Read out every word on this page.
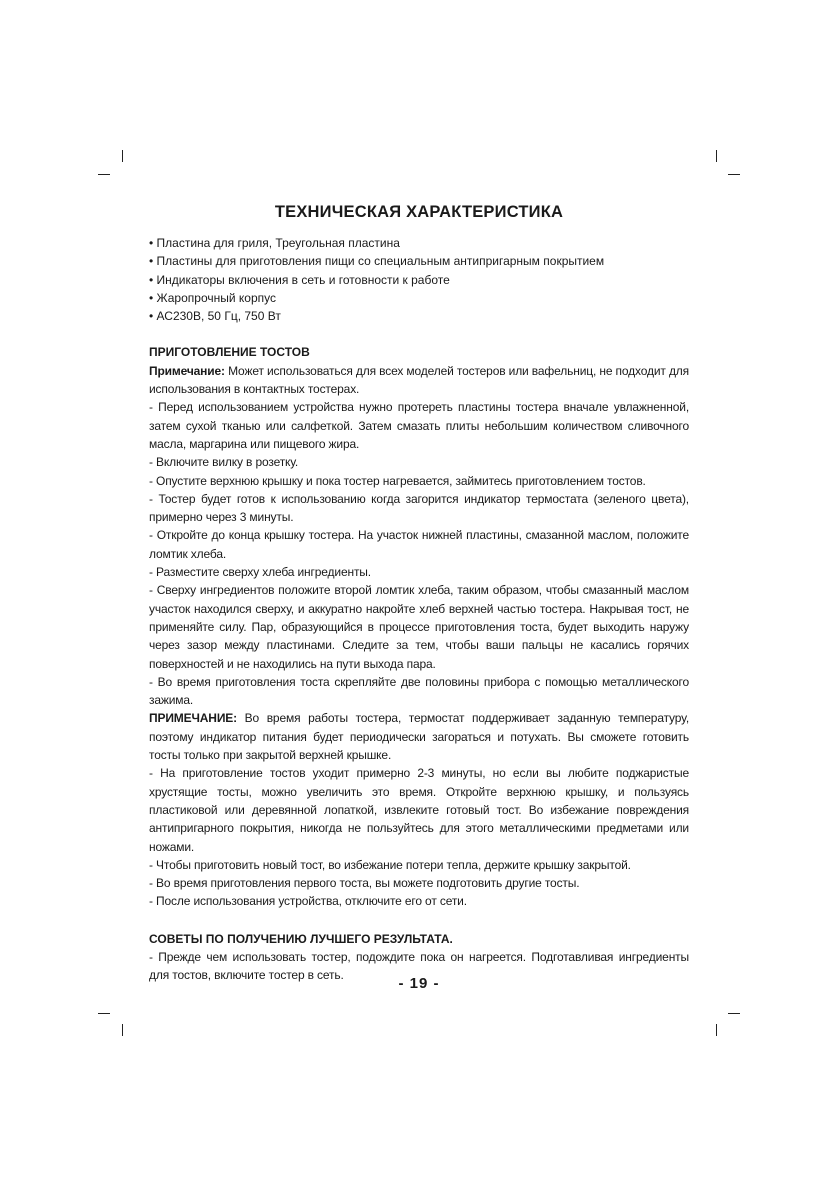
ТЕХНИЧЕСКАЯ ХАРАКТЕРИСТИКА
• Пластина для гриля, Треугольная пластина
• Пластины для приготовления пищи со специальным антипригарным покрытием
• Индикаторы включения в сеть и готовности к работе
• Жаропрочный корпус
• АС230В, 50 Гц, 750 Вт
ПРИГОТОВЛЕНИЕ ТОСТОВ

Примечание: Может использоваться для всех моделей тостеров или вафельниц, не подходит для использования в контактных тостерах.

- Перед использованием устройства нужно протереть пластины тостера вначале увлажненной, затем сухой тканью или салфеткой. Затем смазать плиты небольшим количеством сливочного масла, маргарина или пищевого жира.

- Включите вилку в розетку.

- Опустите верхнюю крышку и пока тостер нагревается, займитесь приготовлением тостов.

- Тостер будет готов к использованию когда загорится индикатор термостата (зеленого цвета), примерно через 3 минуты.

- Откройте до конца крышку тостера. На участок нижней пластины, смазанной маслом, положите ломтик хлеба.

- Разместите сверху хлеба ингредиенты.

- Сверху ингредиентов положите второй ломтик хлеба, таким образом, чтобы смазанный маслом участок находился сверху, и аккуратно накройте хлеб верхней частью тостера. Накрывая тост, не применяйте силу. Пар, образующийся в процессе приготовления тоста, будет выходить наружу через зазор между пластинами. Следите за тем, чтобы ваши пальцы не касались горячих поверхностей и не находились на пути выхода пара.

- Во время приготовления тоста скрепляйте две половины прибора с помощью металлического зажима.

ПРИМЕЧАНИЕ: Во время работы тостера, термостат поддерживает заданную температуру, поэтому индикатор питания будет периодически загораться и потухать. Вы сможете готовить тосты только при закрытой верхней крышке.

- На приготовление тостов уходит примерно 2-3 минуты, но если вы любите поджаристые хрустящие тосты, можно увеличить это время. Откройте верхнюю крышку, и пользуясь пластиковой или деревянной лопаткой, извлеките готовый тост. Во избежание повреждения антипригарного покрытия, никогда не пользуйтесь для этого металлическими предметами или ножами.

- Чтобы приготовить новый тост, во избежание потери тепла, держите крышку закрытой.

- Во время приготовления первого тоста, вы можете подготовить другие тосты.

- После использования устройства, отключите его от сети.

СОВЕТЫ ПО ПОЛУЧЕНИЮ ЛУЧШЕГО РЕЗУЛЬТАТА.

- Прежде чем использовать тостер, подождите пока он нагреется. Подготавливая ингредиенты для тостов, включите тостер в сеть.	- 19 -
